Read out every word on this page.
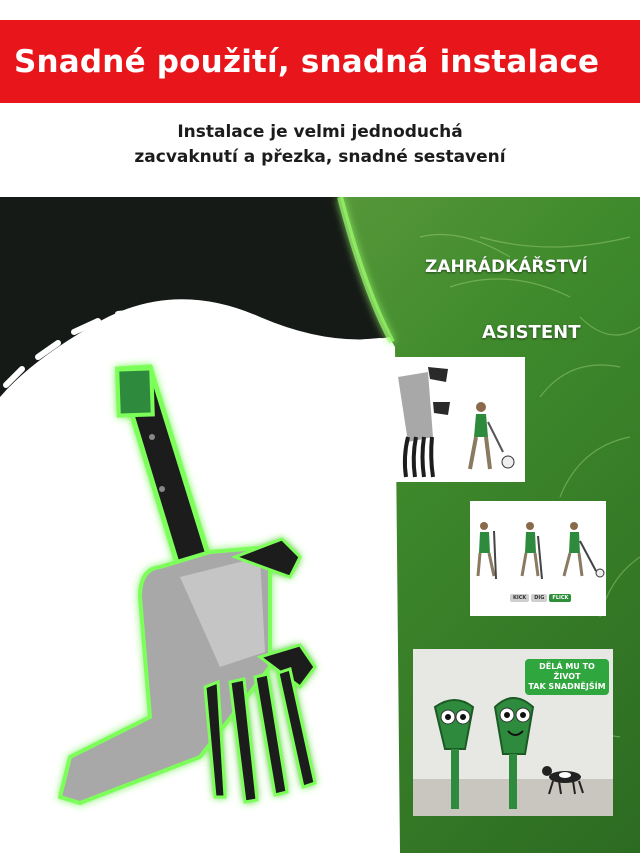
Snadné použití, snadná instalace
Instalace je velmi jednoduchá
zacvaknutí a přezka, snadné sestavení
ZAHRÁDKÁŘSTVÍ
ASISTENT
KICK	DIG	FLICK
DĚLÁ MU TO ŽIVOT
TAK SNADNĚJŠÍM
